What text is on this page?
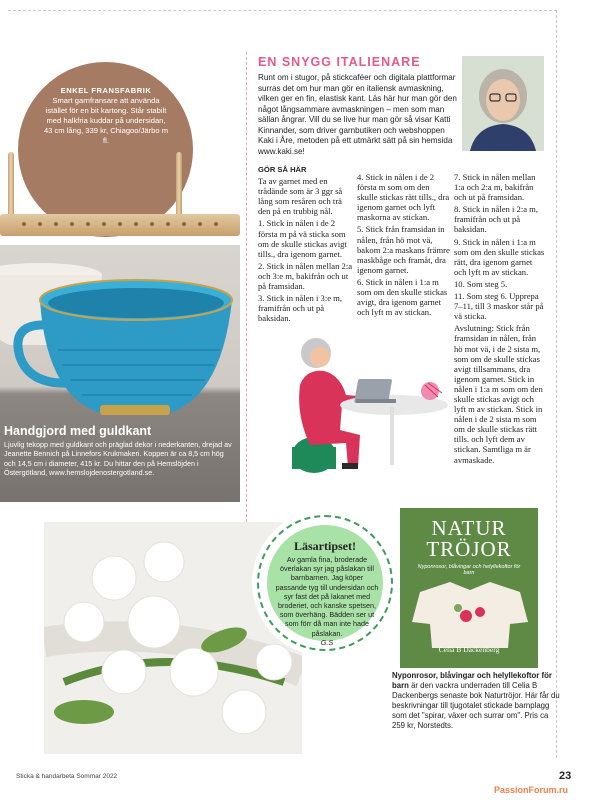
ENKEL FRANSFABRIK
Smart garnfransare att använda istället för en bit kartong. Står stabilt med halkfria kuddar på undersidan, 43 cm lång, 339 kr, Chiagoo/Järbo m fl.
Handgjord med guldkant

Ljuvlig tekopp med guldkant och präglad dekor i nederkanten, drejad av Jeanette Bennich på Linnefors Krukmakeri. Koppen är ca 8,5 cm hög och 14,5 cm i diameter, 415 kr. Du hittar den på Hemslöjden i Östergötland, www.hemslojdenostergotland.se.

EN SNYGG ITALIENARE
Runt om i stugor, på stickcaféer och digitala plattformar surras det om hur man gör en italiensk avmaskning, vilken ger en fin, elastisk kant. Läs här hur man gör den något långsammare avmaskningen – men som man sällan ångrar. Vill du se live hur man gör så visar Katti Kinnander, som driver garnbutiken och webshoppen Kaki i Åre, metoden på ett utmärkt sätt på sin hemsida www.kaki.se!
GÖR SÅ HÄR

Ta av garnet med en trådände som är 3 ggr så lång som resåren och trä den på en trubbig nål.

1. Stick in nålen i de 2 första m på vä sticka som om de skulle stickas avigt tills., dra igenom garnet.

2. Stick in nålen mellan 2:a och 3:e m, bakifrån och ut på framsidan.

3. Stick in nålen i 3:e m, framifrån och ut på baksidan.

4. Stick in nålen i de 2 första m som om den skulle stickas rätt tills., dra igenom garnet och lyft maskorna av stickan.

5. Stick från framsidan in nålen, från hö mot vä, bakom 2:a maskans främre maskbåge och framåt, dra igenom garnet.

6. Stick in nålen i 1:a m som om den skulle stickas avigt, dra igenom garnet och lyft m av stickan.

7. Stick in nålen mellan 1:a och 2:a m, bakifrån och ut på framsidan.

8. Stick in nålen i 2:a m, framifrån och ut på baksidan.

9. Stick in nålen i 1:a m som om den skulle stickas rätt, dra igenom garnet och lyft m av stickan.

10. Som steg 5.

11. Som steg 6. Upprepa 7–11, till 3 maskor står på vä sticka.

Avslutning: Stick från framsidan in nålen, från hö mot vä, i de 2 sista m, som om de skulle stickas avigt tillsammans, dra igenom garnet. Stick in nålen i 1:a m som om den skulle stickas avigt och lyft m av stickan. Stick in nålen i de 2 sista m som om de skulle stickas rätt tills. och lyft dem av stickan. Samtliga m är avmaskade.

Läsartipset!
Av gamla fina, broderade överlakan syr jag påslakan till barnbarnen. Jag köper passande tyg till undersidan och syr fast det på lakanet med broderiet, och kanske spetsen, som överhäng. Bädden ser ut som förr då man inte hade påslakan.
G.S
NATUR
TRÖJOR
Nyponrosor, blåvingar och helyllekoftor för barn
Celia B Dackenberg
Nyponrosor, blåvingar och helyllekoftor för barn är den vackra underraden till Celia B Dackenbergs senaste bok Naturtröjor. Här får du beskrivningar till tjugotalet stickade barnplagg som det "spirar, växer och surrar om". Pris ca 259 kr, Norstedts.
Sticka & handarbeta Sommar 2022	23
PassionForum.ru
